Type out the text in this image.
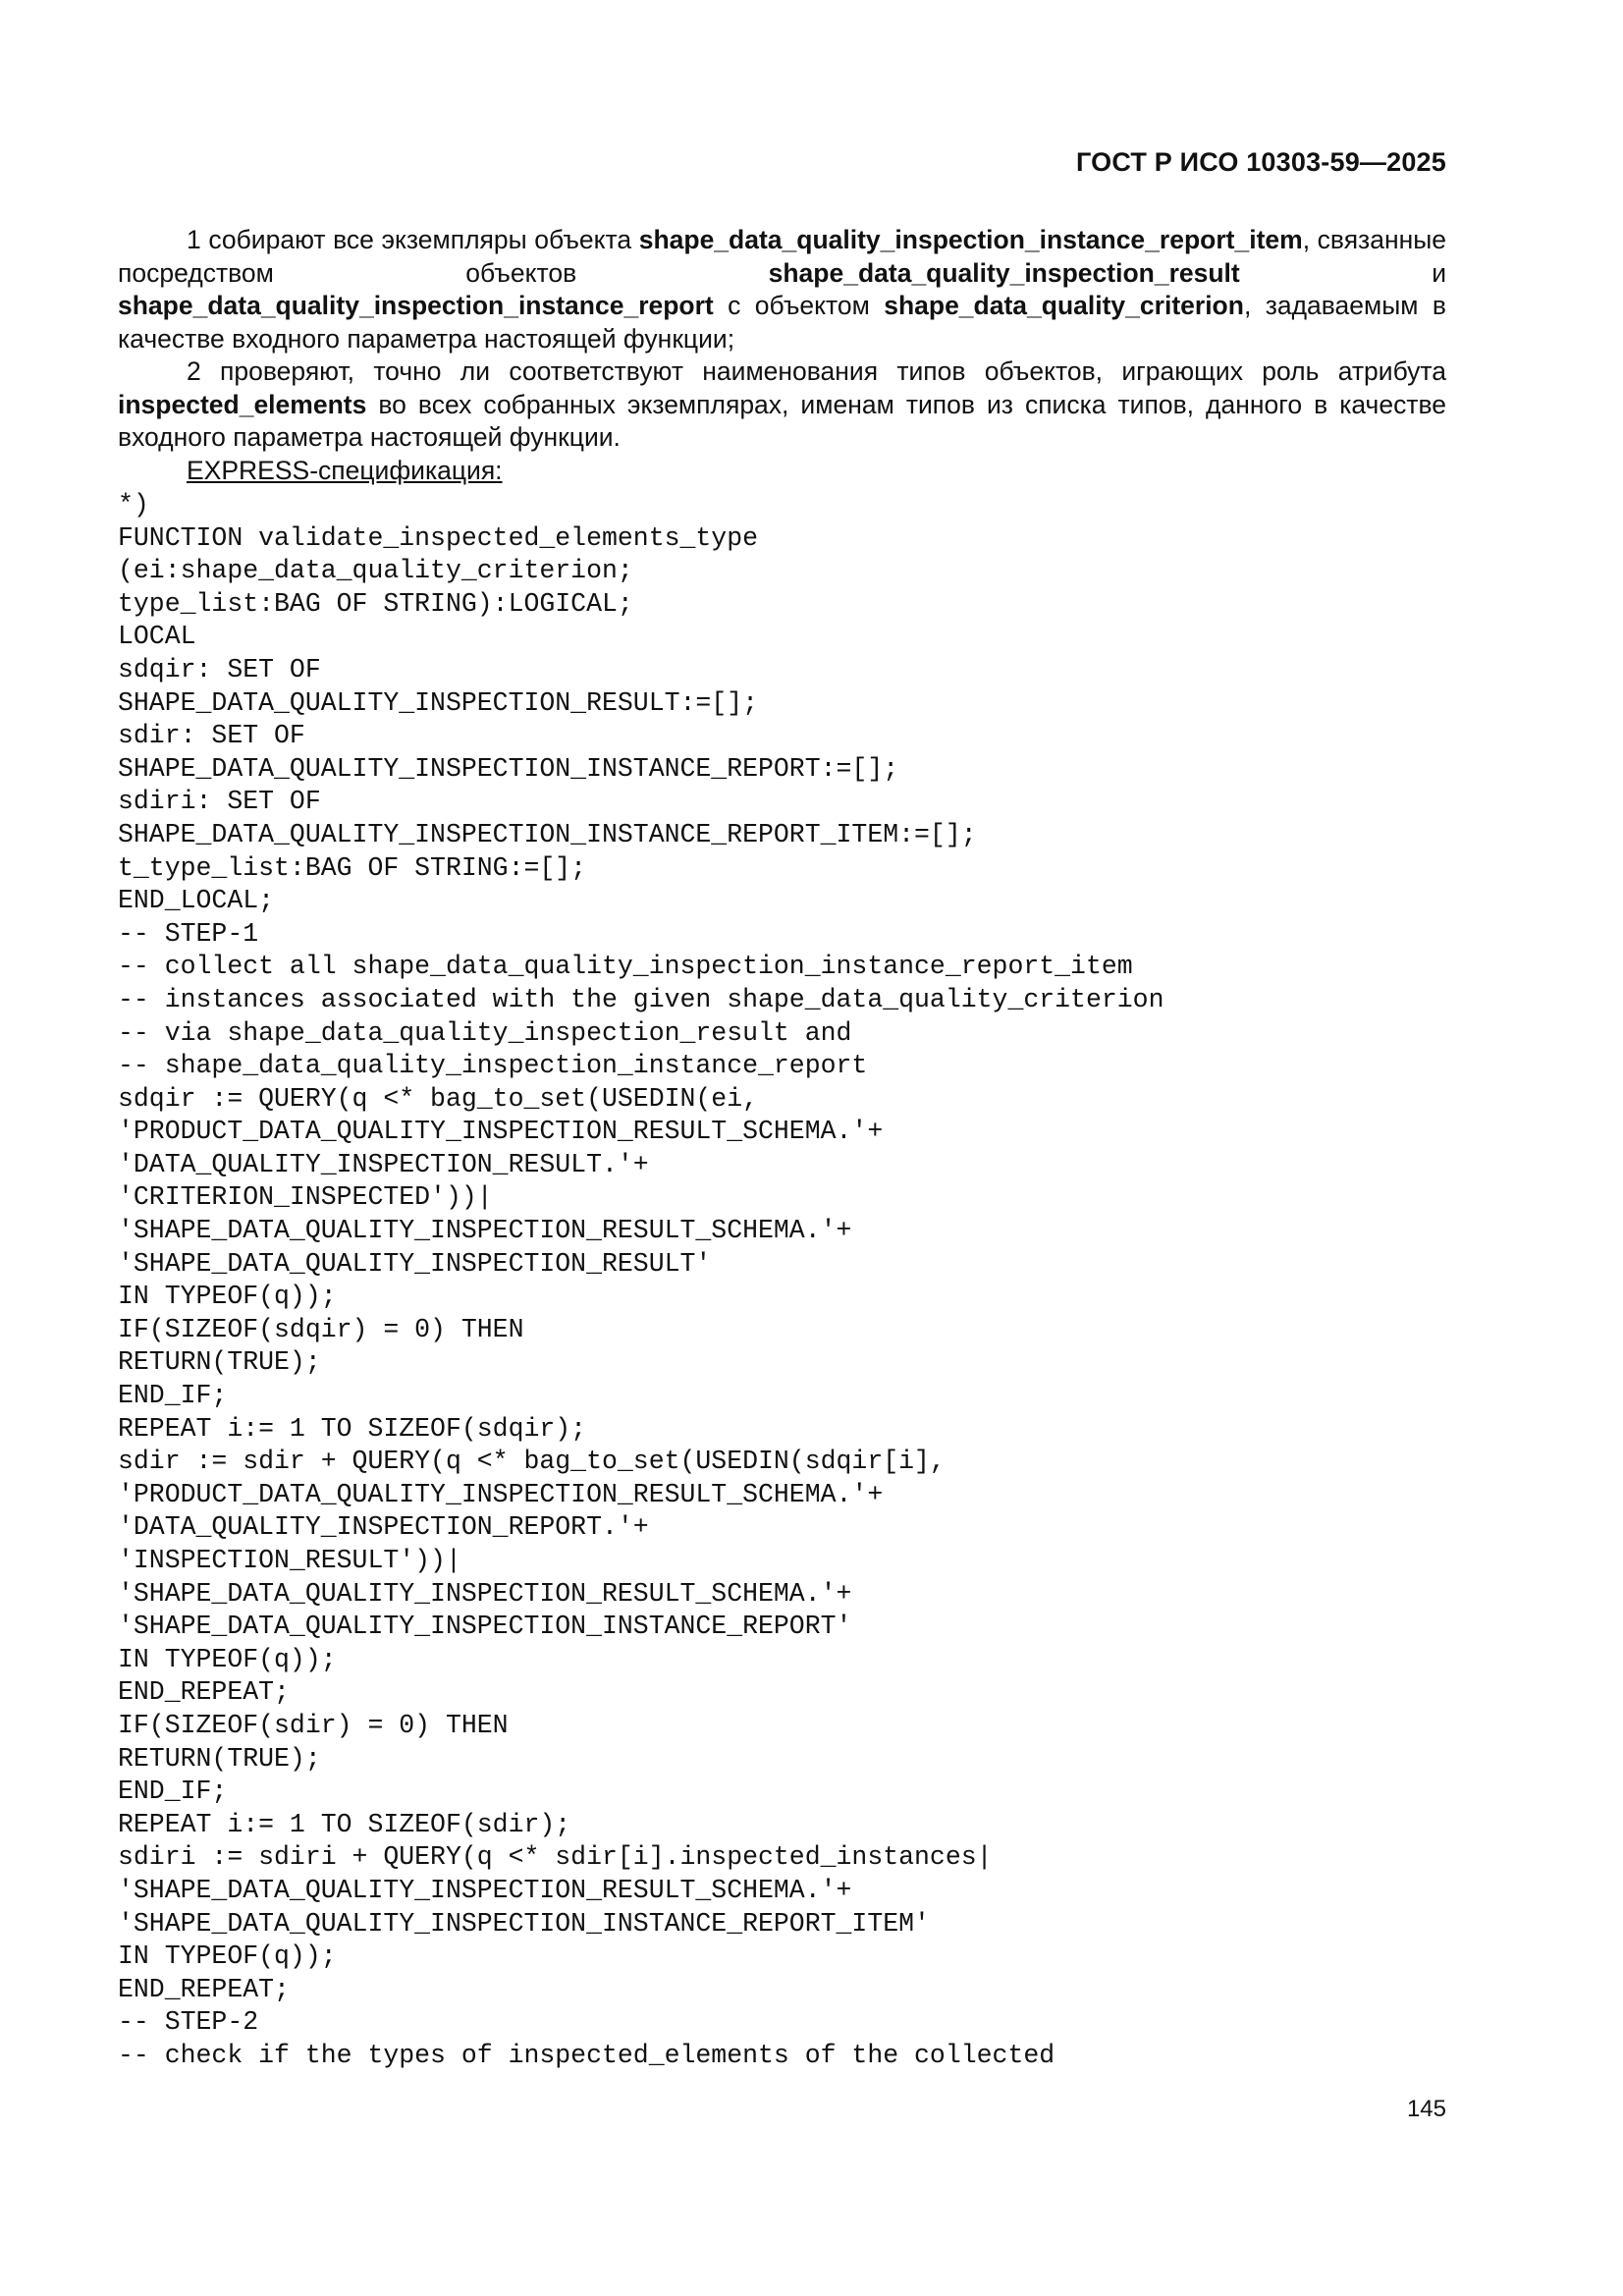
ГОСТ Р ИСО 10303-59—2025

1 собирают все экземпляры объекта shape_data_quality_inspection_instance_report_item, связанные посредством объектов shape_data_quality_inspection_result и shape_data_quality_inspection_instance_report с объектом shape_data_quality_criterion, задаваемым в качестве входного параметра настоящей функции;

2 проверяют, точно ли соответствуют наименования типов объектов, играющих роль атрибута inspected_elements во всех собранных экземплярах, именам типов из списка типов, данного в качестве входного параметра настоящей функции.

EXPRESS-спецификация:

*)
FUNCTION validate_inspected_elements_type
(ei:shape_data_quality_criterion;
type_list:BAG OF STRING):LOGICAL;
LOCAL
sdqir: SET OF
SHAPE_DATA_QUALITY_INSPECTION_RESULT:=[];
sdir: SET OF
SHAPE_DATA_QUALITY_INSPECTION_INSTANCE_REPORT:=[];
sdiri: SET OF
SHAPE_DATA_QUALITY_INSPECTION_INSTANCE_REPORT_ITEM:=[];
t_type_list:BAG OF STRING:=[];
END_LOCAL;
-- STEP-1
-- collect all shape_data_quality_inspection_instance_report_item
-- instances associated with the given shape_data_quality_criterion
-- via shape_data_quality_inspection_result and
-- shape_data_quality_inspection_instance_report
sdqir := QUERY(q <* bag_to_set(USEDIN(ei,
'PRODUCT_DATA_QUALITY_INSPECTION_RESULT_SCHEMA.'+
'DATA_QUALITY_INSPECTION_RESULT.'+
'CRITERION_INSPECTED'))|
'SHAPE_DATA_QUALITY_INSPECTION_RESULT_SCHEMA.'+
'SHAPE_DATA_QUALITY_INSPECTION_RESULT'
IN TYPEOF(q));
IF(SIZEOF(sdqir) = 0) THEN
RETURN(TRUE);
END_IF;
REPEAT i:= 1 TO SIZEOF(sdqir);
sdir := sdir + QUERY(q <* bag_to_set(USEDIN(sdqir[i],
'PRODUCT_DATA_QUALITY_INSPECTION_RESULT_SCHEMA.'+
'DATA_QUALITY_INSPECTION_REPORT.'+
'INSPECTION_RESULT'))|
'SHAPE_DATA_QUALITY_INSPECTION_RESULT_SCHEMA.'+
'SHAPE_DATA_QUALITY_INSPECTION_INSTANCE_REPORT'
IN TYPEOF(q));
END_REPEAT;
IF(SIZEOF(sdir) = 0) THEN
RETURN(TRUE);
END_IF;
REPEAT i:= 1 TO SIZEOF(sdir);
sdiri := sdiri + QUERY(q <* sdir[i].inspected_instances|
'SHAPE_DATA_QUALITY_INSPECTION_RESULT_SCHEMA.'+
'SHAPE_DATA_QUALITY_INSPECTION_INSTANCE_REPORT_ITEM'
IN TYPEOF(q));
END_REPEAT;
-- STEP-2
-- check if the types of inspected_elements of the collected
145
